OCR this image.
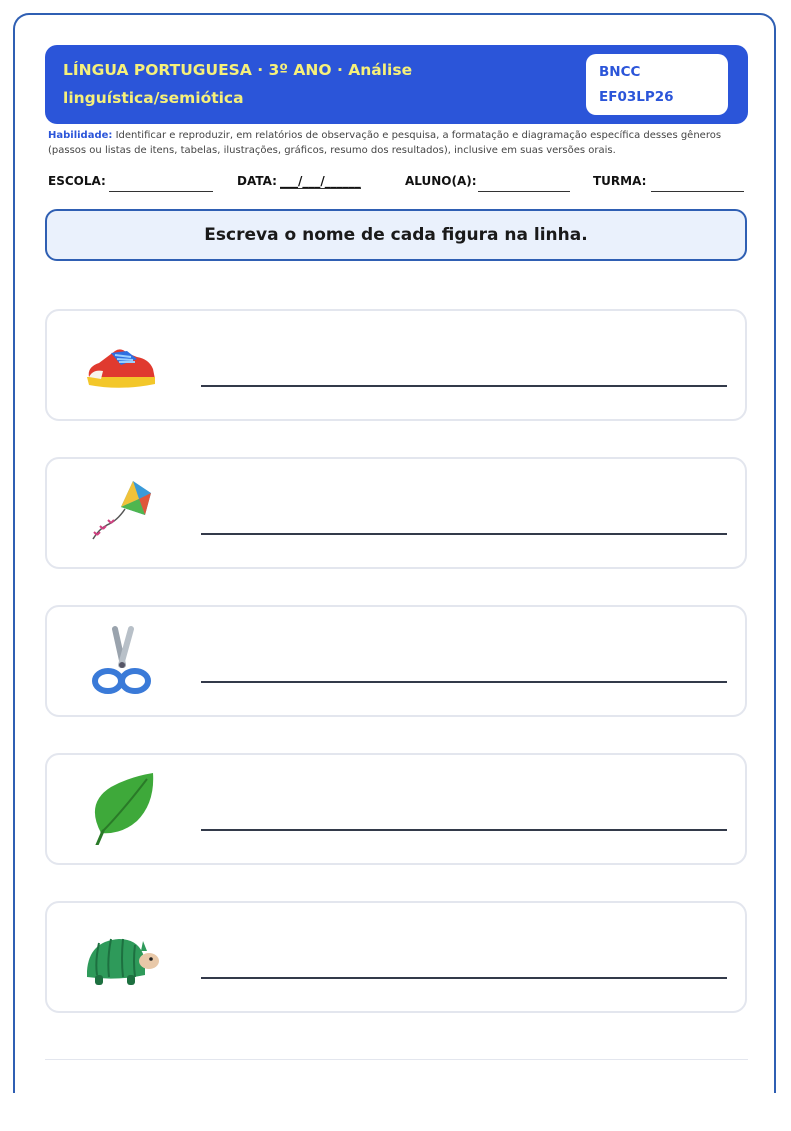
LÍNGUA PORTUGUESA · 3º ANO · Análise
linguística/semiótica
BNCC
EF03LP26
Habilidade: Identificar e reproduzir, em relatórios de observação e pesquisa, a formatação e diagramação específica desses gêneros (passos ou listas de itens, tabelas, ilustrações, gráficos, resumo dos resultados), inclusive em suas versões orais.
ESCOLA:	DATA: ___/___/______	ALUNO(A):	TURMA:
Escreva o nome de cada figura na linha.
